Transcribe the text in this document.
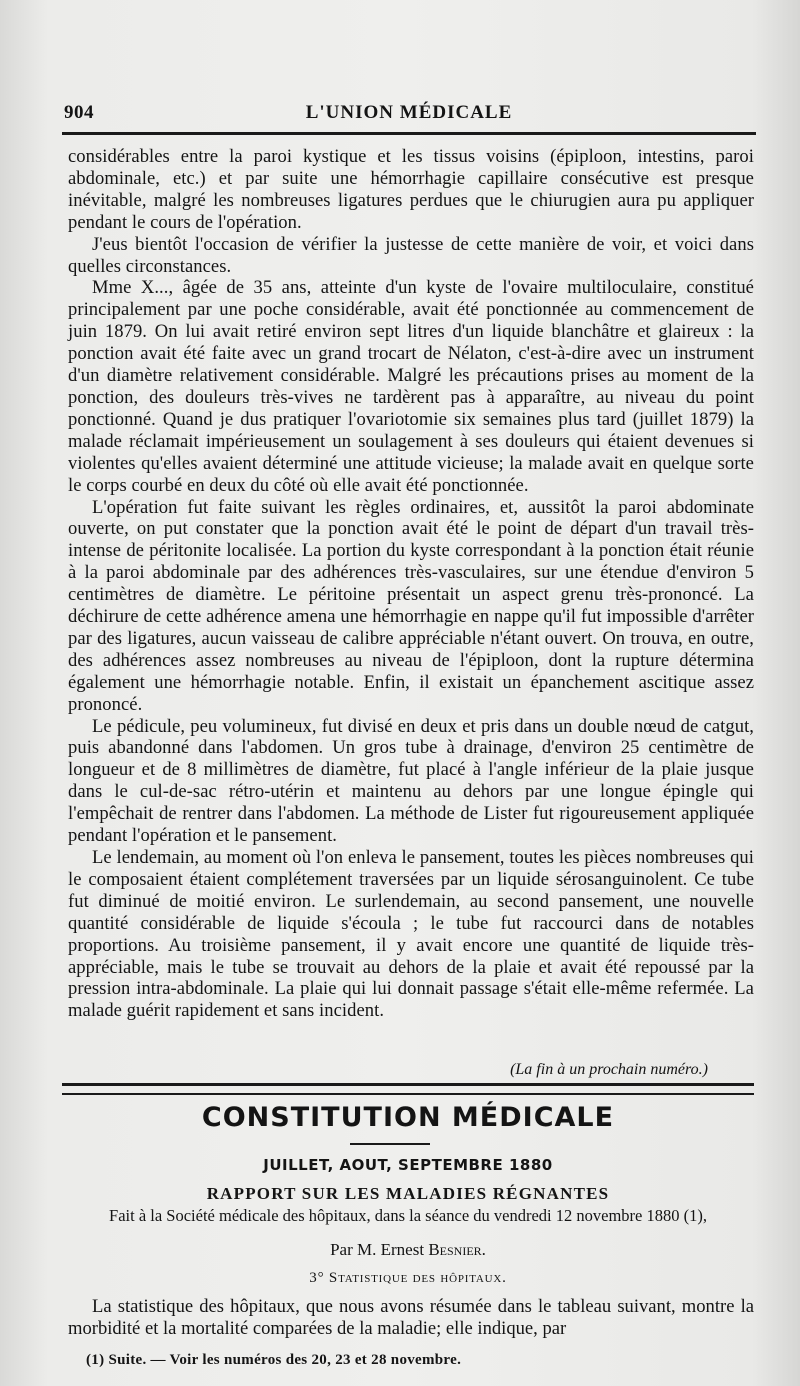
904	L'UNION MÉDICALE

considérables entre la paroi kystique et les tissus voisins (épiploon, intestins, paroi abdominale, etc.) et par suite une hémorrhagie capillaire consécutive est presque inévitable, malgré les nombreuses ligatures perdues que le chiurugien aura pu appliquer pendant le cours de l'opération.

J'eus bientôt l'occasion de vérifier la justesse de cette manière de voir, et voici dans quelles circonstances.

Mme X..., âgée de 35 ans, atteinte d'un kyste de l'ovaire multiloculaire, constitué principalement par une poche considérable, avait été ponctionnée au commencement de juin 1879. On lui avait retiré environ sept litres d'un liquide blanchâtre et glaireux : la ponction avait été faite avec un grand trocart de Nélaton, c'est-à-dire avec un instrument d'un diamètre relativement considérable. Malgré les précautions prises au moment de la ponction, des douleurs très-vives ne tardèrent pas à apparaître, au niveau du point ponctionné. Quand je dus pratiquer l'ovariotomie six semaines plus tard (juillet 1879) la malade réclamait impérieusement un soulagement à ses douleurs qui étaient devenues si violentes qu'elles avaient déterminé une attitude vicieuse; la malade avait en quelque sorte le corps courbé en deux du côté où elle avait été ponctionnée.

L'opération fut faite suivant les règles ordinaires, et, aussitôt la paroi abdominate ouverte, on put constater que la ponction avait été le point de départ d'un travail très-intense de péritonite localisée. La portion du kyste correspondant à la ponction était réunie à la paroi abdominale par des adhérences très-vasculaires, sur une étendue d'environ 5 centimètres de diamètre. Le péritoine présentait un aspect grenu très-prononcé. La déchirure de cette adhérence amena une hémorrhagie en nappe qu'il fut impossible d'arrêter par des ligatures, aucun vaisseau de calibre appréciable n'étant ouvert. On trouva, en outre, des adhérences assez nombreuses au niveau de l'épiploon, dont la rupture détermina également une hémorrhagie notable. Enfin, il existait un épanchement ascitique assez prononcé.

Le pédicule, peu volumineux, fut divisé en deux et pris dans un double nœud de catgut, puis abandonné dans l'abdomen. Un gros tube à drainage, d'environ 25 centimètre de longueur et de 8 millimètres de diamètre, fut placé à l'angle inférieur de la plaie jusque dans le cul-de-sac rétro-utérin et maintenu au dehors par une longue épingle qui l'empêchait de rentrer dans l'abdomen. La méthode de Lister fut rigoureusement appliquée pendant l'opération et le pansement.

Le lendemain, au moment où l'on enleva le pansement, toutes les pièces nombreuses qui le composaient étaient complétement traversées par un liquide sérosanguinolent. Ce tube fut diminué de moitié environ. Le surlendemain, au second pansement, une nouvelle quantité considérable de liquide s'écoula ; le tube fut raccourci dans de notables proportions. Au troisième pansement, il y avait encore une quantité de liquide très-appréciable, mais le tube se trouvait au dehors de la plaie et avait été repoussé par la pression intra-abdominale. La plaie qui lui donnait passage s'était elle-même refermée. La malade guérit rapidement et sans incident.

(La fin à un prochain numéro.)
CONSTITUTION MÉDICALE
JUILLET, AOUT, SEPTEMBRE 1880
RAPPORT SUR LES MALADIES RÉGNANTES
Fait à la Société médicale des hôpitaux, dans la séance du vendredi 12 novembre 1880 (1),
Par M. Ernest Besnier.
3° Statistique des hôpitaux.

La statistique des hôpitaux, que nous avons résumée dans le tableau suivant, montre la morbidité et la mortalité comparées de la maladie; elle indique, par

(1) Suite. — Voir les numéros des 20, 23 et 28 novembre.
